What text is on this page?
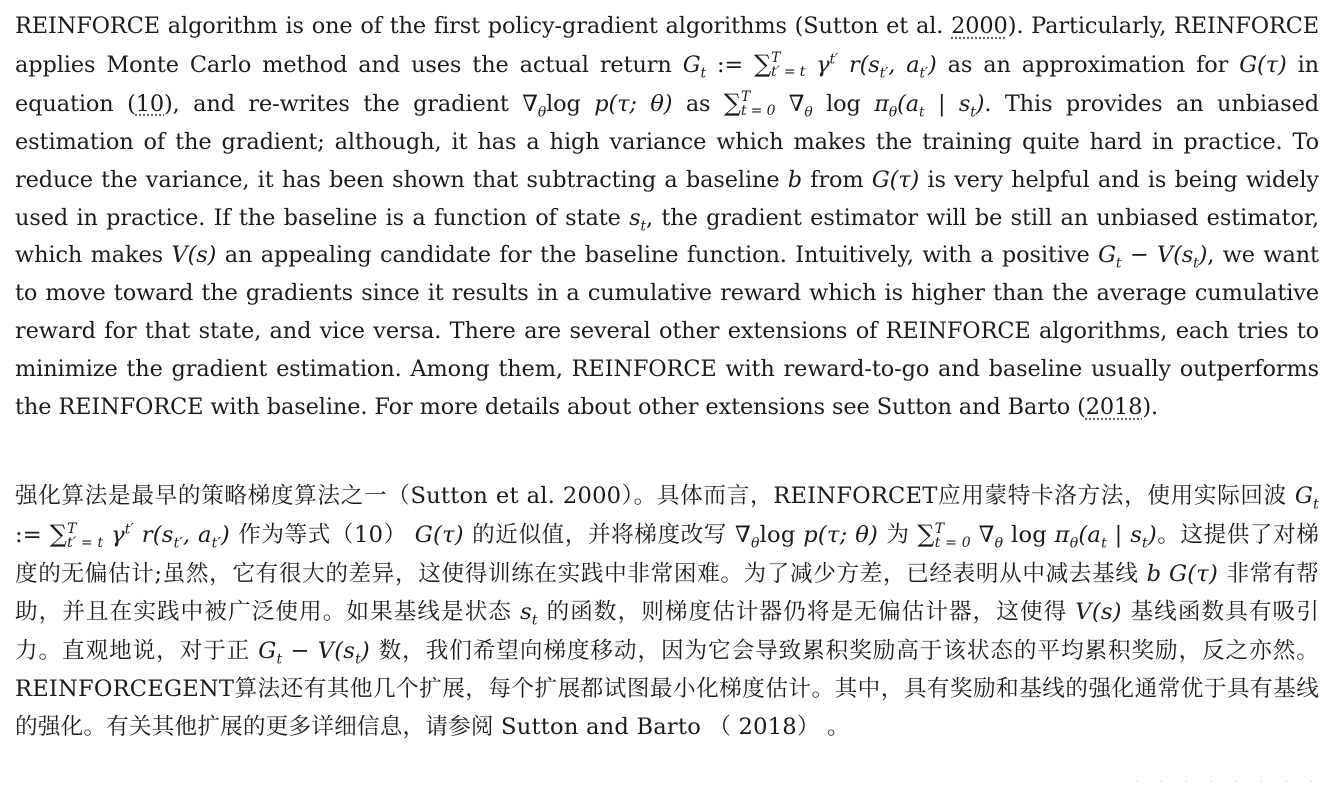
REINFORCE algorithm is one of the first policy-gradient algorithms (Sutton et al. 2000). Particularly, REINFORCE applies Monte Carlo method and uses the actual return $G_t$ := ∑ T
t′ = t $\gamma^{t'}$ $r(s_{t'}$, $a_{t'}$) as an approximation for G(τ) in equation (10), and re-writes the gradient $\nabla_\theta\log$ p(τ; θ) as ∑ T
t = 0 $\nabla_\theta$ $\log \pi_\theta(a_t$ | $s_t$). This provides an unbiased estimation of the gradient; although, it has a high variance which makes the training quite hard in practice. To reduce the variance, it has been shown that subtracting a baseline b from G(τ) is very helpful and is being widely used in practice. If the baseline is a function of state $s_t$, the gradient estimator will be still an unbiased estimator, which makes V(s) an appealing candidate for the baseline function. Intuitively, with a positive $G_t - V(s_t)$, we want to move toward the gradients since it results in a cumulative reward which is higher than the average cumulative reward for that state, and vice versa. There are several other extensions of REINFORCE algorithms, each tries to minimize the gradient estimation. Among them, REINFORCE with reward-to-go and baseline usually outperforms the REINFORCE with baseline. For more details about other extensions see Sutton and Barto (2018).

强化算法是最早的策略梯度算法之一（Sutton et al. 2000）。具体而言，REINFORCET应用蒙特卡洛方法，使用实际回波 $G_t$ := ∑ T
t′ = t $\gamma^{t'}$ $r(s_{t'}$, $a_{t'}$) 作为等式（10） G(τ) 的近似值，并将梯度改写 $\nabla_\theta\log$ p(τ; θ) 为 ∑ T
t = 0 $\nabla_\theta$ $\log \pi_\theta(a_t$ | $s_t$)。这提供了对梯度的无偏估计;虽然，它有很大的差异，这使得训练在实践中非常困难。为了减少方差，已经表明从中减去基线 b G(τ) 非常有帮助，并且在实践中被广泛使用。如果基线是状态 $s_t$ 的函数，则梯度估计器仍将是无偏估计器，这使得 V(s) 基线函数具有吸引力。直观地说，对于正 $G_t - V(s_t)$ 数，我们希望向梯度移动，因为它会导致累积奖励高于该状态的平均累积奖励，反之亦然。REINFORCEGENT算法还有其他几个扩展，每个扩展都试图最小化梯度估计。其中，具有奖励和基线的强化通常优于具有基线的强化。有关其他扩展的更多详细信息，请参阅 Sutton and Barto （ 2018） 。

· · · · · · · ·
